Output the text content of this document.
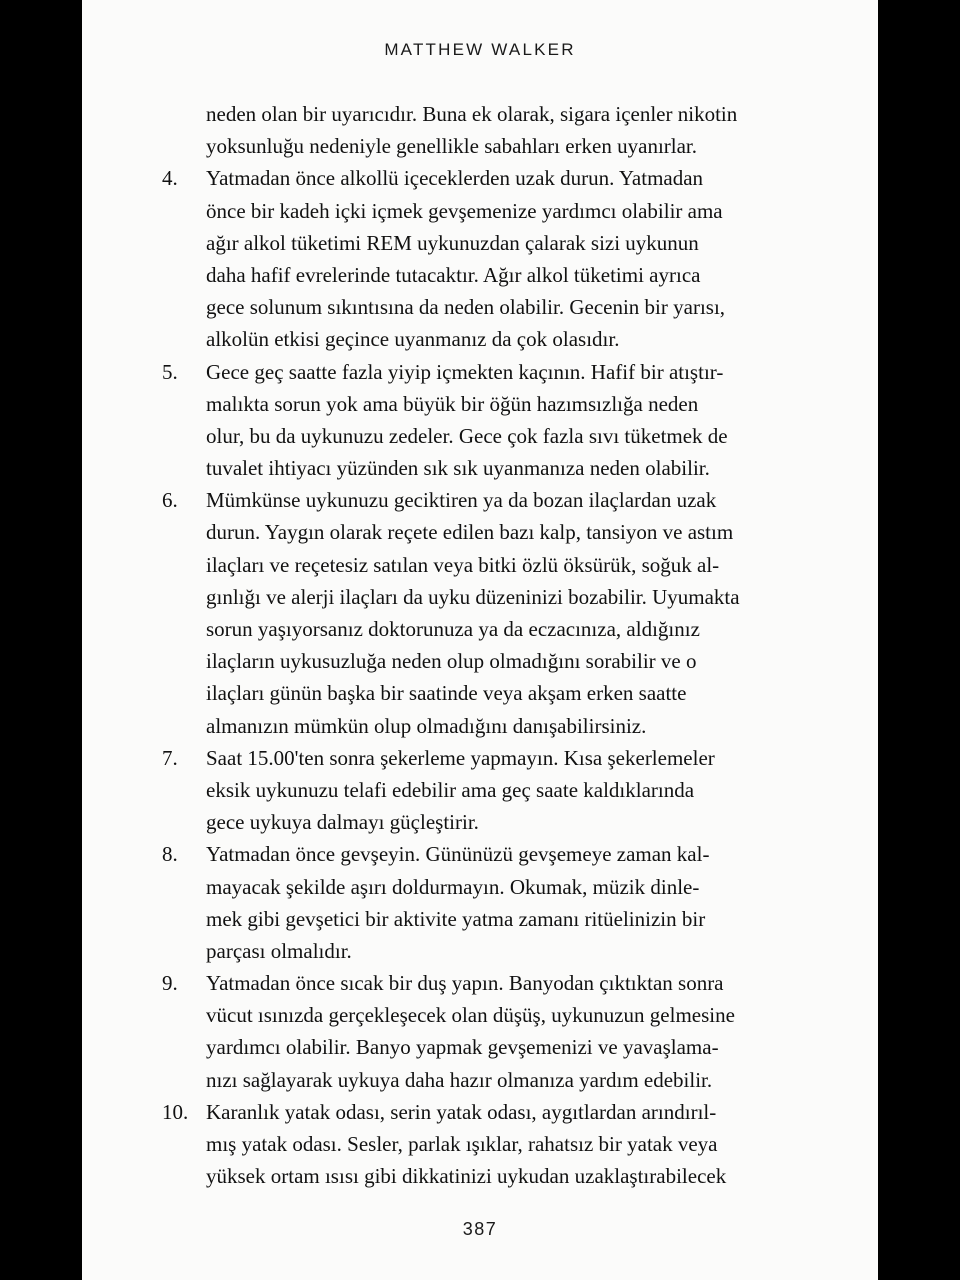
MATTHEW WALKER
neden olan bir uyarıcıdır. Buna ek olarak, sigara içenler nikotin
yoksunluğu nedeniyle genellikle sabahları erken uyanırlar.
4. Yatmadan önce alkollü içeceklerden uzak durun. Yatmadan
önce bir kadeh içki içmek gevşemenize yardımcı olabilir ama
ağır alkol tüketimi REM uykunuzdan çalarak sizi uykunun
daha hafif evrelerinde tutacaktır. Ağır alkol tüketimi ayrıca
gece solunum sıkıntısına da neden olabilir. Gecenin bir yarısı,
alkolün etkisi geçince uyanmanız da çok olasıdır.
5. Gece geç saatte fazla yiyip içmekten kaçının. Hafif bir atıştır-
malıkta sorun yok ama büyük bir öğün hazımsızlığa neden
olur, bu da uykunuzu zedeler. Gece çok fazla sıvı tüketmek de
tuvalet ihtiyacı yüzünden sık sık uyanmanıza neden olabilir.
6. Mümkünse uykunuzu geciktiren ya da bozan ilaçlardan uzak
durun. Yaygın olarak reçete edilen bazı kalp, tansiyon ve astım
ilaçları ve reçetesiz satılan veya bitki özlü öksürük, soğuk al-
gınlığı ve alerji ilaçları da uyku düzeninizi bozabilir. Uyumakta
sorun yaşıyorsanız doktorunuza ya da eczacınıza, aldığınız
ilaçların uykusuzluğa neden olup olmadığını sorabilir ve o
ilaçları günün başka bir saatinde veya akşam erken saatte
almanızın mümkün olup olmadığını danışabilirsiniz.
7. Saat 15.00'ten sonra şekerleme yapmayın. Kısa şekerlemeler
eksik uykunuzu telafi edebilir ama geç saate kaldıklarında
gece uykuya dalmayı güçleştirir.
8. Yatmadan önce gevşeyin. Gününüzü gevşemeye zaman kal-
mayacak şekilde aşırı doldurmayın. Okumak, müzik dinle-
mek gibi gevşetici bir aktivite yatma zamanı ritüelinizin bir
parçası olmalıdır.
9. Yatmadan önce sıcak bir duş yapın. Banyodan çıktıktan sonra
vücut ısınızda gerçekleşecek olan düşüş, uykunuzun gelmesine
yardımcı olabilir. Banyo yapmak gevşemenizi ve yavaşlama-
nızı sağlayarak uykuya daha hazır olmanıza yardım edebilir.
10. Karanlık yatak odası, serin yatak odası, aygıtlardan arındırıl-
mış yatak odası. Sesler, parlak ışıklar, rahatsız bir yatak veya
yüksek ortam ısısı gibi dikkatinizi uykudan uzaklaştırabilecek
387
